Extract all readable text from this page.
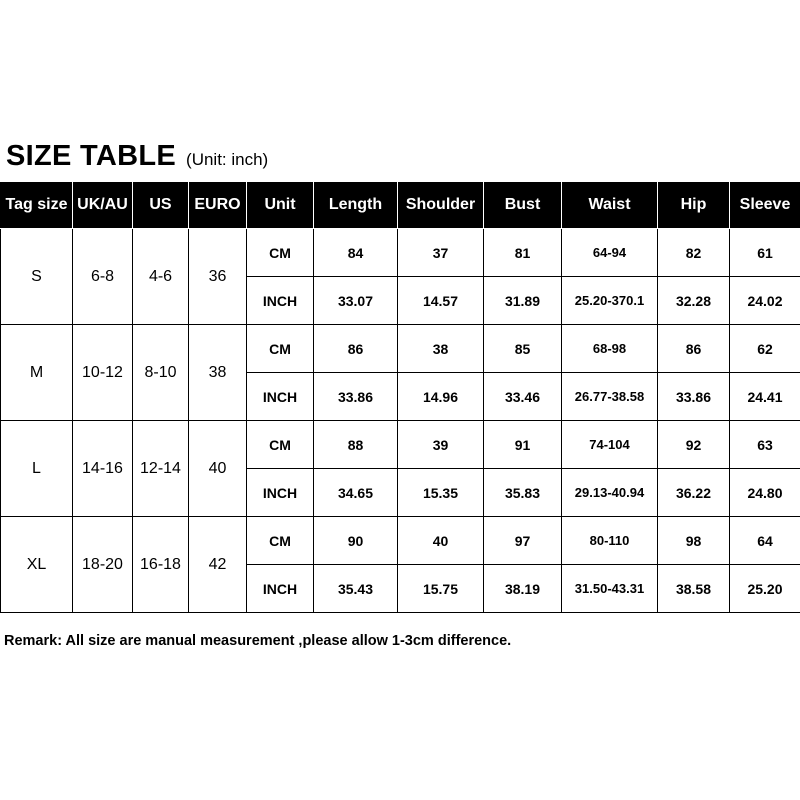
SIZE TABLE (Unit: inch)
Tag size	UK/AU	US	EURO	Unit	Length	Shoulder	Bust	Waist	Hip	Sleeve
S	6-8	4-6	36	CM	84	37	81	64-94	82	61
				INCH	33.07	14.57	31.89	25.20-370.1	32.28	24.02
M	10-12	8-10	38	CM	86	38	85	68-98	86	62
				INCH	33.86	14.96	33.46	26.77-38.58	33.86	24.41
L	14-16	12-14	40	CM	88	39	91	74-104	92	63
				INCH	34.65	15.35	35.83	29.13-40.94	36.22	24.80
XL	18-20	16-18	42	CM	90	40	97	80-110	98	64
				INCH	35.43	15.75	38.19	31.50-43.31	38.58	25.20
Remark: All size are manual measurement ,please allow 1-3cm difference.
